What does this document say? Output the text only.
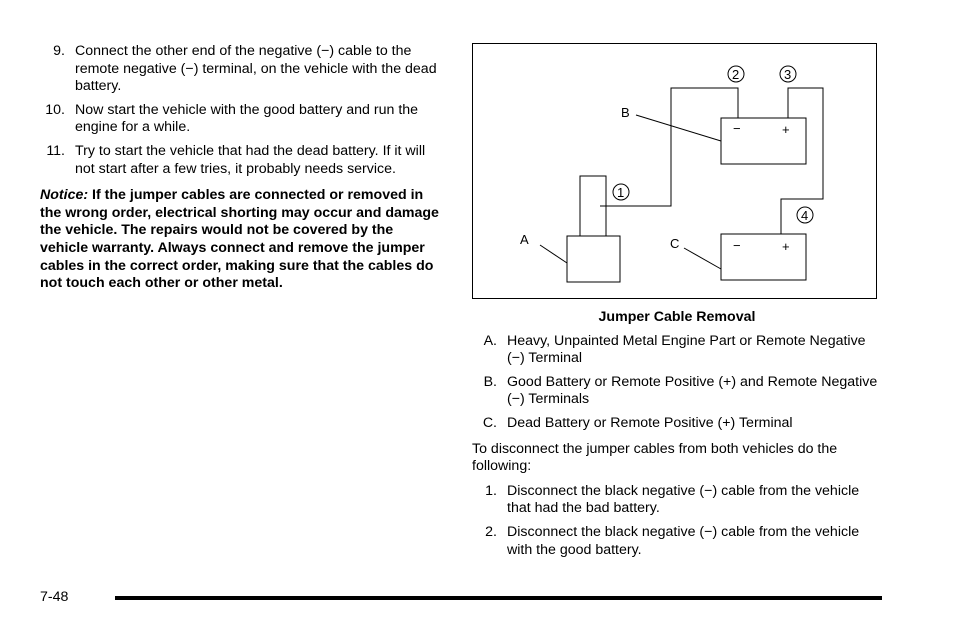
9. Connect the other end of the negative (−) cable to the remote negative (−) terminal, on the vehicle with the dead battery.
10. Now start the vehicle with the good battery and run the engine for a while.
11. Try to start the vehicle that had the dead battery. If it will not start after a few tries, it probably needs service.
Notice: If the jumper cables are connected or removed in the wrong order, electrical shorting may occur and damage the vehicle. The repairs would not be covered by the vehicle warranty. Always connect and remove the jumper cables in the correct order, making sure that the cables do not touch each other or other metal.
2	3
1
4
B
A	C
−	+
−	+
Jumper Cable Removal
A. Heavy, Unpainted Metal Engine Part or Remote Negative (−) Terminal
B. Good Battery or Remote Positive (+) and Remote Negative (−) Terminals
C. Dead Battery or Remote Positive (+) Terminal
To disconnect the jumper cables from both vehicles do the following:
1. Disconnect the black negative (−) cable from the vehicle that had the bad battery.
2. Disconnect the black negative (−) cable from the vehicle with the good battery.
7-48
